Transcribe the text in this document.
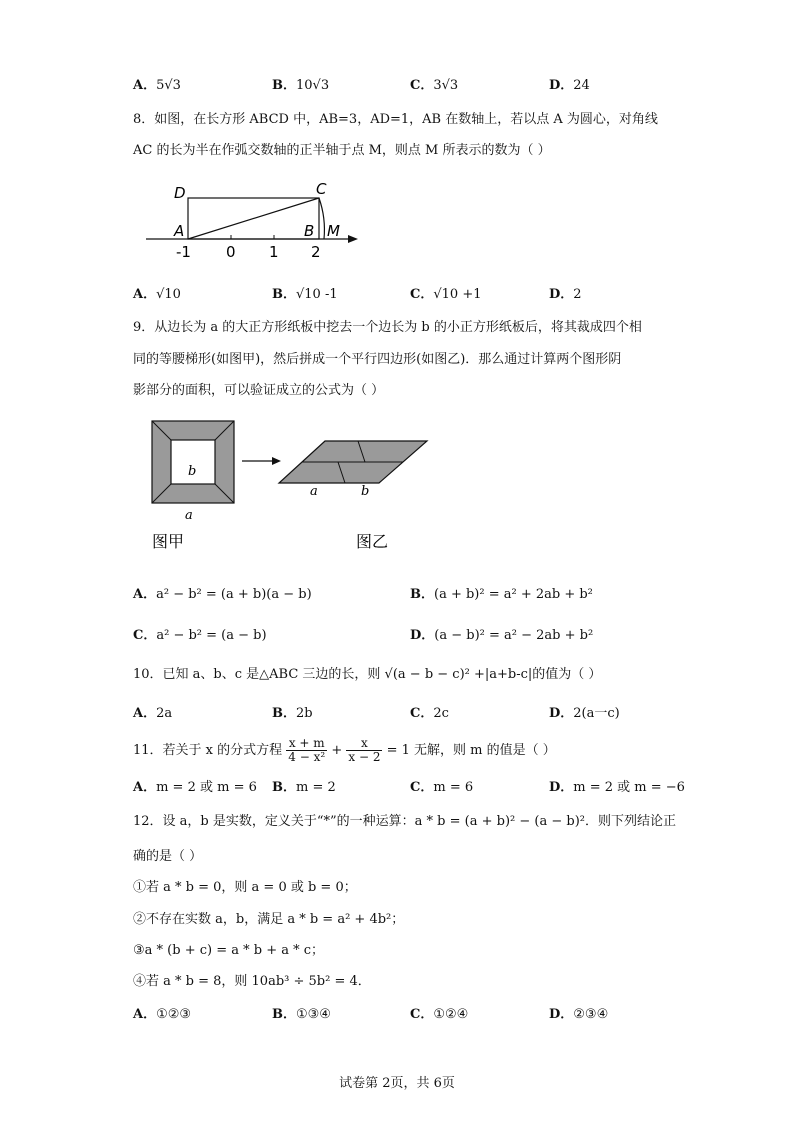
A．5√3	B．10√3	C．3√3	D．24
8．如图，在长方形 ABCD 中，AB=3，AD=1，AB 在数轴上，若以点 A 为圆心，对角线
AC 的长为半在作弧交数轴的正半轴于点 M，则点 M 所表示的数为（ ）
D	C
A	B M
-1 0 1 2
A．√10	B．√10 -1	C．√10 +1	D．2
9．从边长为 a 的大正方形纸板中挖去一个边长为 b 的小正方形纸板后，将其裁成四个相
同的等腰梯形(如图甲)，然后拼成一个平行四边形(如图乙)．那么通过计算两个图形阴
影部分的面积，可以验证成立的公式为（ ）
b
a
a	b
图甲	图乙
A．a² − b² = (a + b)(a − b)	B．(a + b)² = a² + 2ab + b²
C．a² − b² = (a − b)	D．(a − b)² = a² − 2ab + b²
10．已知 a、b、c 是△ABC 三边的长，则 √(a − b − c)² +|a+b-c|的值为（ ）
A．2a	B．2b	C．2c	D．2(a一c)
11．若关于 x 的分式方程 $\frac{x + m}{\text{4 − x²}} + \frac{x}{x - 2} = 1$ 无解，则 m 的值是（ ）
A．m = 2 或 m = 6 B．m = 2	C．m = 6	D．m = 2 或 m = −6
12．设 a，b 是实数，定义关于“*”的一种运算：a * b = (a + b)² − (a − b)²．则下列结论正
确的是（ ）
①若 a * b = 0，则 a = 0 或 b = 0；
②不存在实数 a，b，满足 a * b = a² + 4b²；
③a * (b + c) = a * b + a * c；
④若 a * b = 8，则 10ab³ ÷ 5b² = 4．
A．①②③	B．①③④	C．①②④	D．②③④
试卷第 2页，共 6页
